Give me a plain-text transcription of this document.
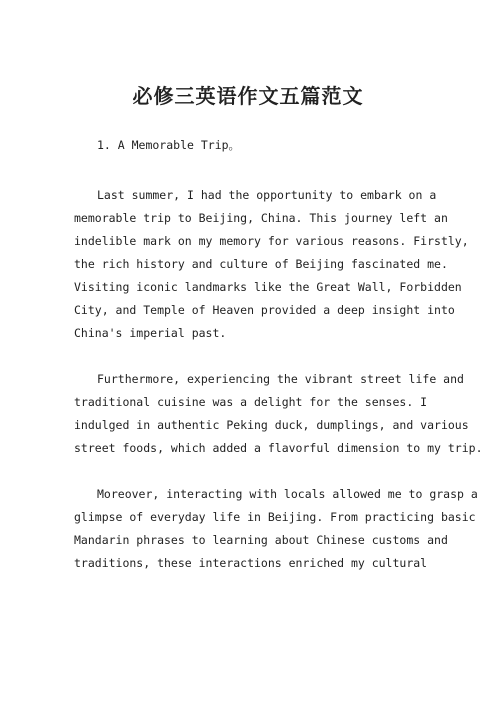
必修三英语作文五篇范文
1. A Memorable Trip。
Last summer, I had the opportunity to embark on a
memorable trip to Beijing, China. This journey left an
indelible mark on my memory for various reasons. Firstly,
the rich history and culture of Beijing fascinated me.
Visiting iconic landmarks like the Great Wall, Forbidden
City, and Temple of Heaven provided a deep insight into
China's imperial past.
Furthermore, experiencing the vibrant street life and
traditional cuisine was a delight for the senses. I
indulged in authentic Peking duck, dumplings, and various
street foods, which added a flavorful dimension to my trip.
Moreover, interacting with locals allowed me to grasp a
glimpse of everyday life in Beijing. From practicing basic
Mandarin phrases to learning about Chinese customs and
traditions, these interactions enriched my cultural
